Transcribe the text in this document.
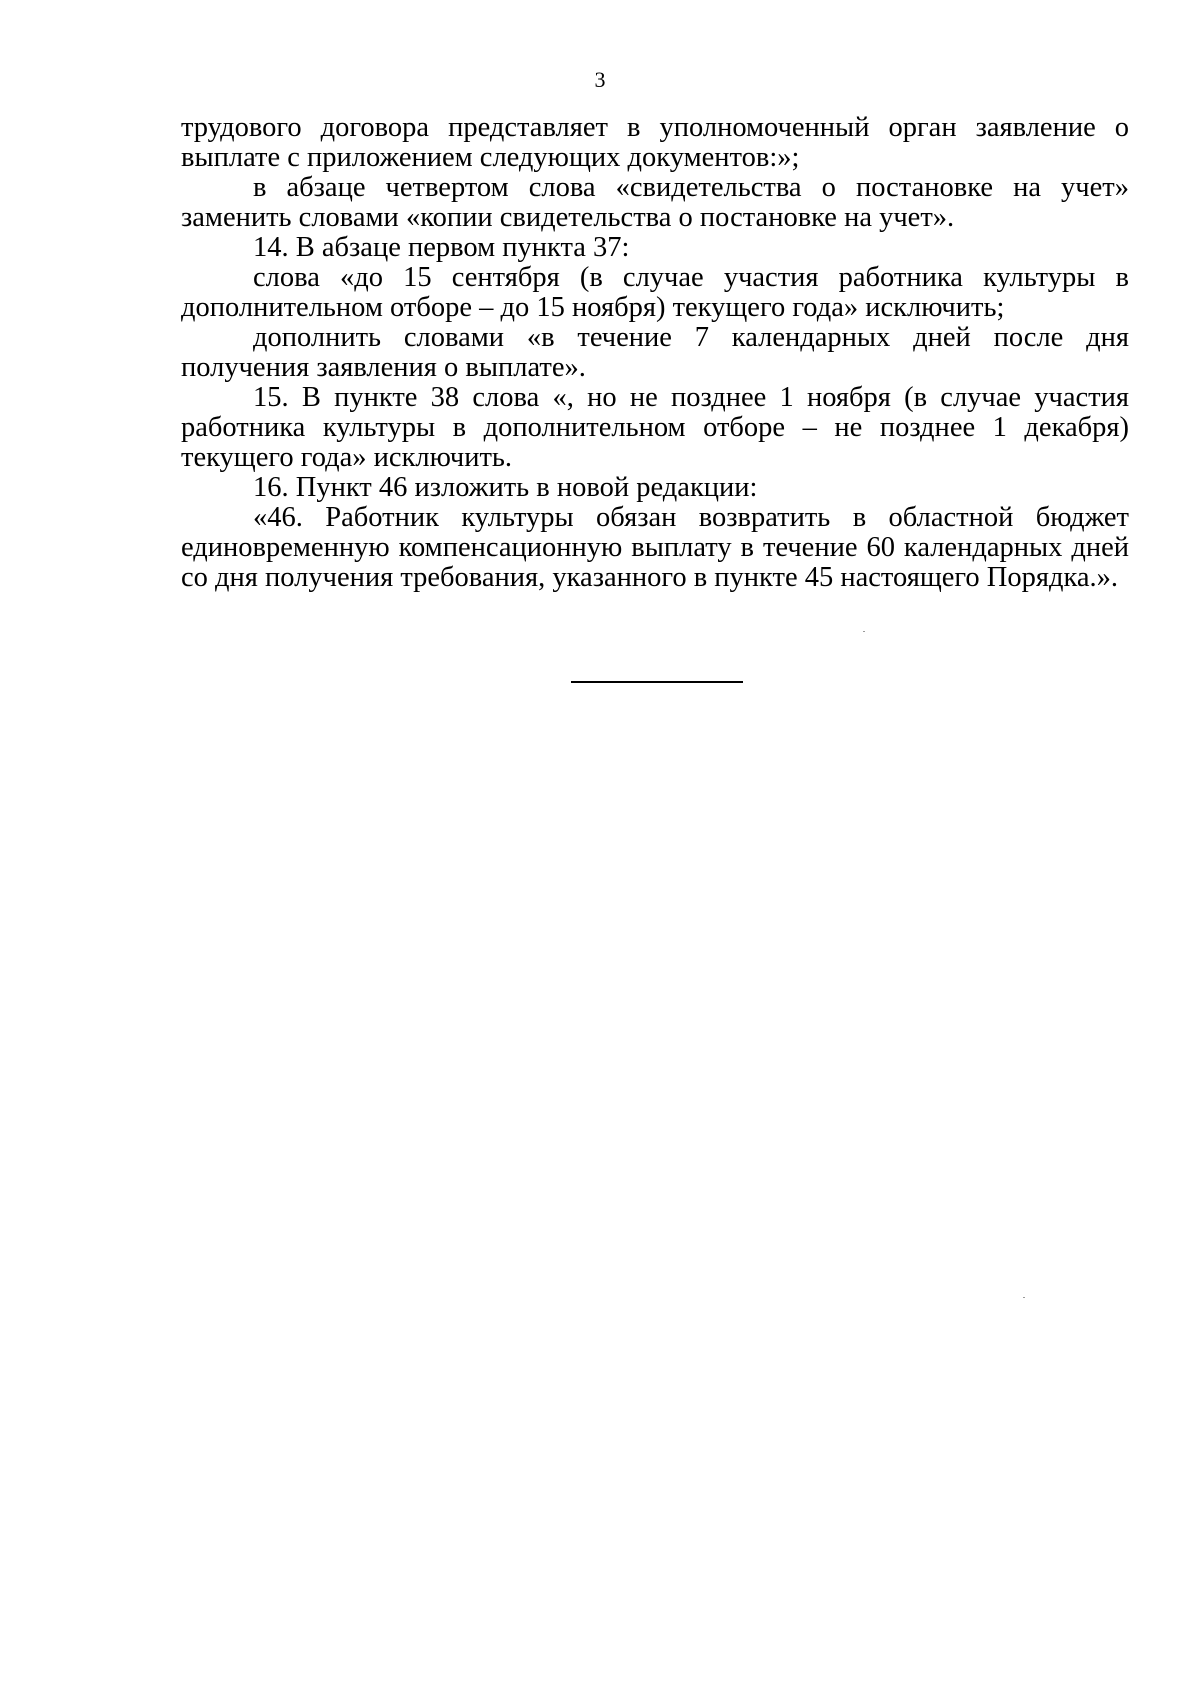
3

трудового договора представляет в уполномоченный орган заявление о выплате с приложением следующих документов:»;

в абзаце четвертом слова «свидетельства о постановке на учет» заменить словами «копии свидетельства о постановке на учет».

14. В абзаце первом пункта 37:

слова «до 15 сентября (в случае участия работника культуры в дополнительном отборе – до 15 ноября) текущего года» исключить;

дополнить словами «в течение 7 календарных дней после дня получения заявления о выплате».

15. В пункте 38 слова «, но не позднее 1 ноября (в случае участия работника культуры в дополнительном отборе – не позднее 1 декабря) текущего года» исключить.

16. Пункт 46 изложить в новой редакции:

«46. Работник культуры обязан возвратить в областной бюджет единовременную компенсационную выплату в течение 60 календарных дней со дня получения требования, указанного в пункте 45 настоящего Порядка.».
